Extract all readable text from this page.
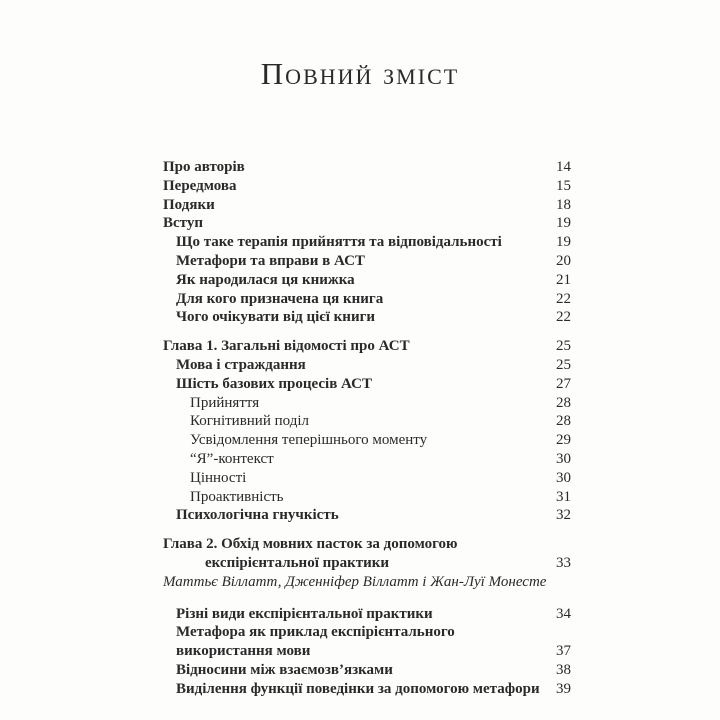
Повний зміст
Про авторів	14
Передмова	15
Подяки	18
Вступ	19
Що таке терапія прийняття та відповідальності	19
Метафори та вправи в АСТ	20
Як народилася ця книжка	21
Для кого призначена ця книга	22
Чого очікувати від цієї книги	22
Глава 1. Загальні відомості про АСТ	25
Мова і страждання	25
Шість базових процесів АСТ	27
Прийняття	28
Когнітивний поділ	28
Усвідомлення теперішнього моменту	29
“Я”-контекст	30
Цінності	30
Проактивність	31
Психологічна гнучкість	32
Глава 2. Обхід мовних пасток за допомогою
експірієнтальної практики	33
Маттьє Віллатт, Дженніфер Віллатт і Жан-Луї Монесте
Різні види експірієнтальної практики	34
Метафора як приклад експірієнтального
використання мови	37
Відносини між взаємозв’язками	38
Виділення функції поведінки за допомогою метафори 39
